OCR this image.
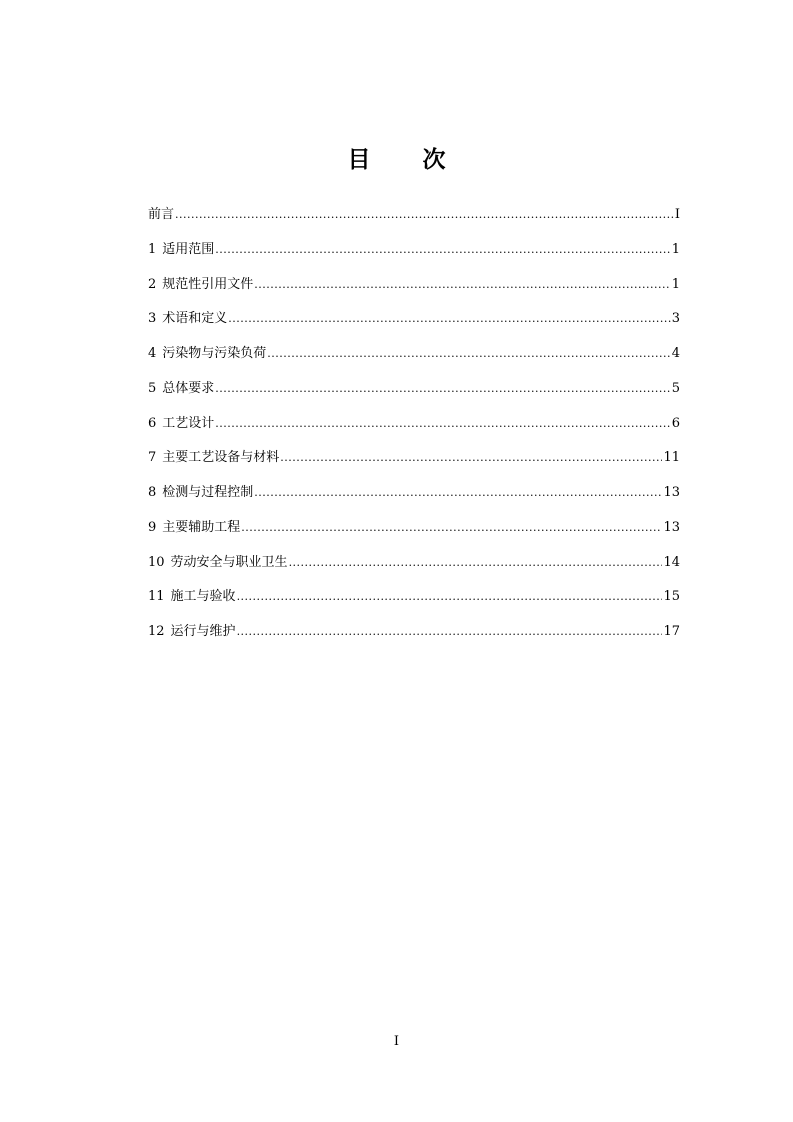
目 次
前言 .....	I
1 适用范围 .....	1
2 规范性引用文件 .....	1
3 术语和定义 .....	3
4 污染物与污染负荷 .....	4
5 总体要求 .....	5
6 工艺设计 .....	6
7 主要工艺设备与材料 .....	11
8 检测与过程控制 .....	13
9 主要辅助工程 .....	13
10 劳动安全与职业卫生 .....	14
11 施工与验收 .....	15
12 运行与维护 .....	17
I
